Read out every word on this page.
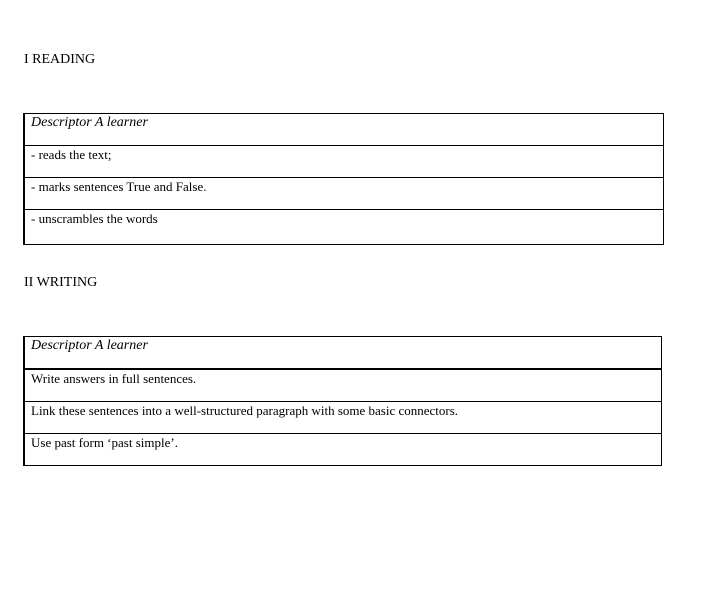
I READING
Descriptor A learner

- reads the text;

- marks sentences True and False.

- unscrambles the words
II WRITING
Descriptor A learner

Write answers in full sentences.

Link these sentences into a well-structured paragraph with some basic connectors.

Use past form ‘past simple’.
